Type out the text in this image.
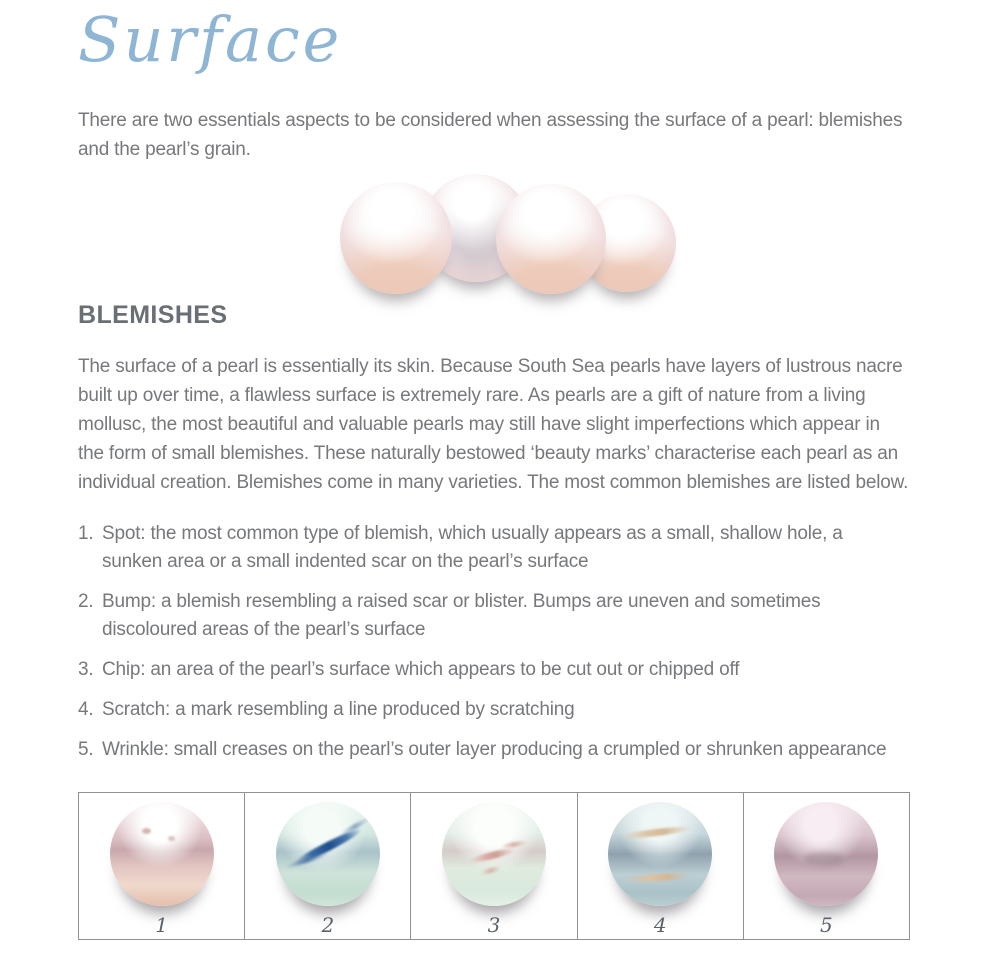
Surface

There are two essentials aspects to be considered when assessing the surface of a pearl: blemishes and the pearl’s grain.

BLEMISHES

The surface of a pearl is essentially its skin. Because South Sea pearls have layers of lustrous nacre built up over time, a flawless surface is extremely rare. As pearls are a gift of nature from a living mollusc, the most beautiful and valuable pearls may still have slight imperfections which appear in the form of small blemishes. These naturally bestowed ‘beauty marks’ characterise each pearl as an individual creation. Blemishes come in many varieties. The most common blemishes are listed below.

1. Spot: the most common type of blemish, which usually appears as a small, shallow hole, a sunken area or a small indented scar on the pearl’s surface
2. Bump: a blemish resembling a raised scar or blister. Bumps are uneven and sometimes discoloured areas of the pearl’s surface
3. Chip: an area of the pearl’s surface which appears to be cut out or chipped off
4. Scratch: a mark resembling a line produced by scratching
5. Wrinkle: small creases on the pearl’s outer layer producing a crumpled or shrunken appearance
1	2	3	4	5
